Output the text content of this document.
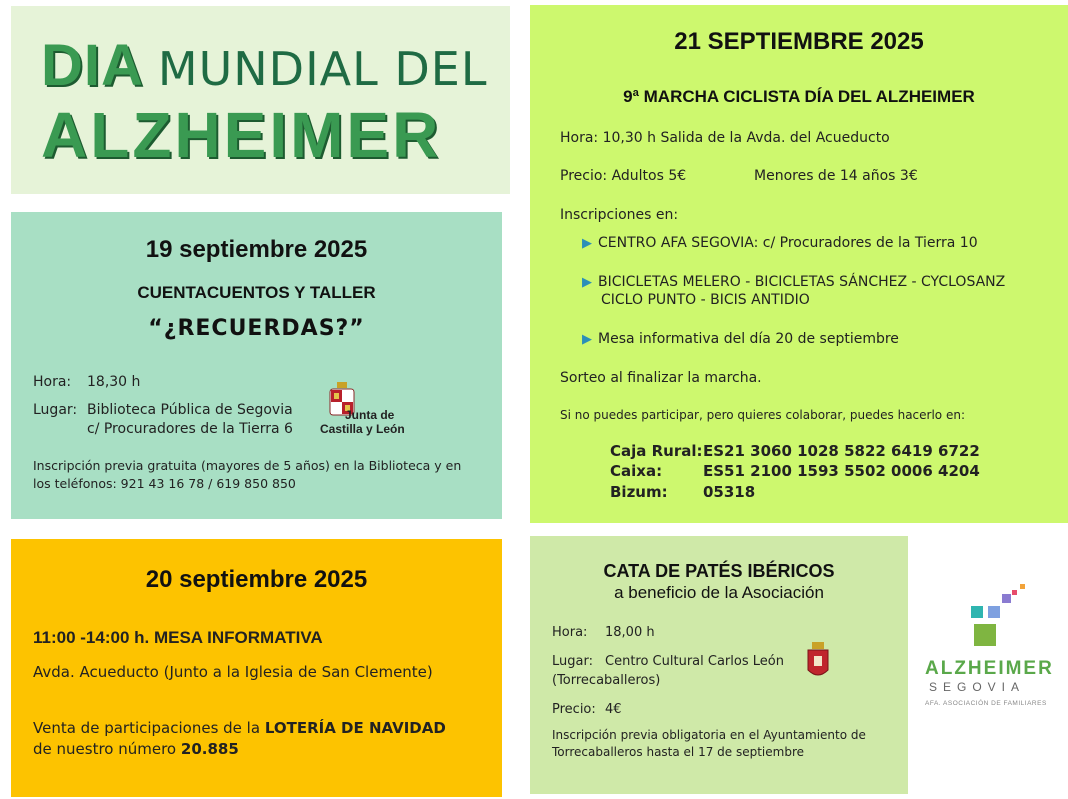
DIA MUNDIAL DEL
ALZHEIMER
19 septiembre 2025
CUENTACUENTOS Y TALLER
“¿RECUERDAS?”
Hora: 18,30 h
Lugar: Biblioteca Pública de Segovia
c/ Procuradores de la Tierra 6
Junta de
Castilla y León
Inscripción previa gratuita (mayores de 5 años) en la Biblioteca y en
los teléfonos: 921 43 16 78 / 619 850 850
20 septiembre 2025
11:00 -14:00 h. MESA INFORMATIVA
Avda. Acueducto (Junto a la Iglesia de San Clemente)
Venta de participaciones de la LOTERÍA DE NAVIDAD
de nuestro número 20.885
21 SEPTIEMBRE 2025
9ª MARCHA CICLISTA DÍA DEL ALZHEIMER
Hora: 10,30 h Salida de la Avda. del Acueducto
Precio: Adultos 5€	Menores de 14 años 3€
Inscripciones en:
▶ CENTRO AFA SEGOVIA: c/ Procuradores de la Tierra 10
▶ BICICLETAS MELERO - BICICLETAS SÁNCHEZ - CYCLOSANZ
CICLO PUNTO - BICIS ANTIDIO
▶ Mesa informativa del día 20 de septiembre
Sorteo al finalizar la marcha.
Si no puedes participar, pero quieres colaborar, puedes hacerlo en:
Caja Rural: ES21 3060 1028 5822 6419 6722
Caixa:	ES51 2100 1593 5502 0006 4204
Bizum: 05318
CATA DE PATÉS IBÉRICOS
a beneficio de la Asociación
Hora: 18,00 h
Lugar: Centro Cultural Carlos León
(Torrecaballeros)
Precio: 4€
Inscripción previa obligatoria en el Ayuntamiento de
Torrecaballeros hasta el 17 de septiembre
ALZHEIMER
SEGOVIA
AFA. ASOCIACIÓN DE FAMILIARES
